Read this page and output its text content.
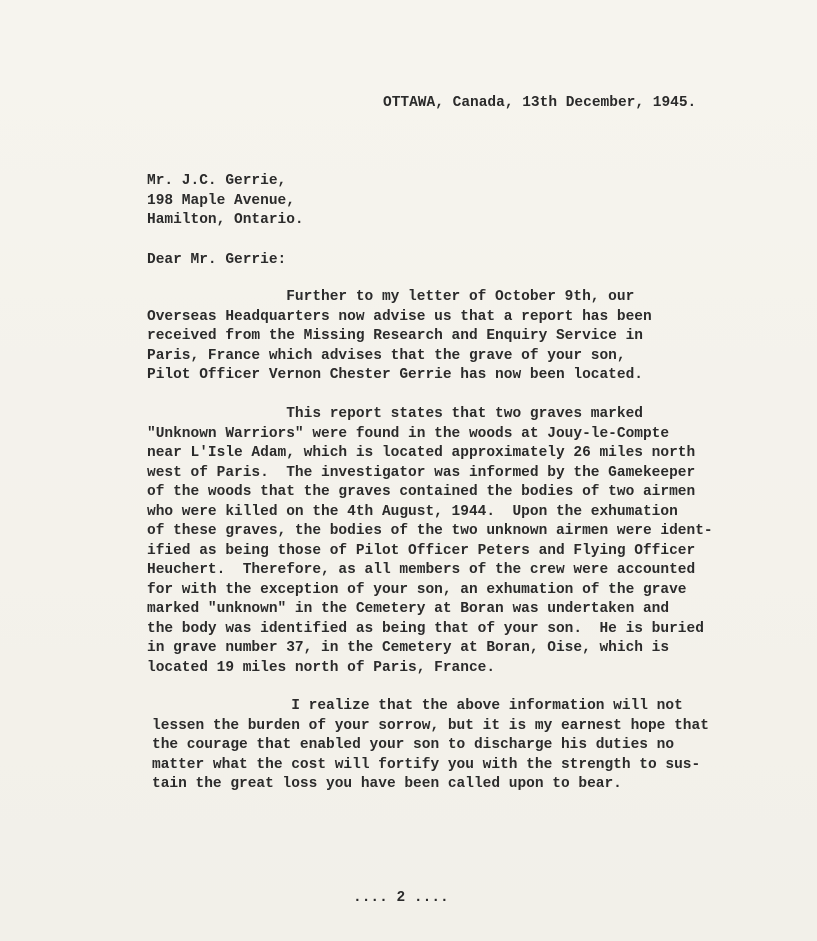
OTTAWA, Canada, 13th December, 1945.
Mr. J.C. Gerrie,
198 Maple Avenue,
Hamilton, Ontario.
Dear Mr. Gerrie:
Further to my letter of October 9th, our
Overseas Headquarters now advise us that a report has been
received from the Missing Research and Enquiry Service in
Paris, France which advises that the grave of your son,
Pilot Officer Vernon Chester Gerrie has now been located.
This report states that two graves marked
"Unknown Warriors" were found in the woods at Jouy-le-Compte
near L'Isle Adam, which is located approximately 26 miles north
west of Paris.  The investigator was informed by the Gamekeeper
of the woods that the graves contained the bodies of two airmen
who were killed on the 4th August, 1944.  Upon the exhumation
of these graves, the bodies of the two unknown airmen were ident-
ified as being those of Pilot Officer Peters and Flying Officer
Heuchert.  Therefore, as all members of the crew were accounted
for with the exception of your son, an exhumation of the grave
marked "unknown" in the Cemetery at Boran was undertaken and
the body was identified as being that of your son.  He is buried
in grave number 37, in the Cemetery at Boran, Oise, which is
located 19 miles north of Paris, France.
I realize that the above information will not
lessen the burden of your sorrow, but it is my earnest hope that
the courage that enabled your son to discharge his duties no
matter what the cost will fortify you with the strength to sus-
tain the great loss you have been called upon to bear.
.... 2 ....
